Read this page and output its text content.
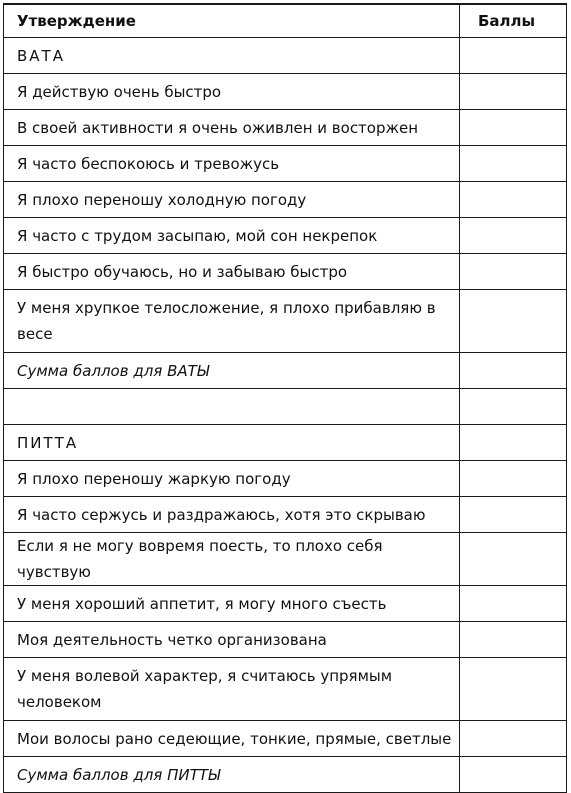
Утверждение	Баллы
ВАТА	
Я действую очень быстро	
В своей активности я очень оживлен и восторжен	
Я часто беспокоюсь и тревожусь	
Я плохо переношу холодную погоду	
Я часто с трудом засыпаю, мой сон некрепок	
Я быстро обучаюсь, но и забываю быстро	
У меня хрупкое телосложение, я плохо прибавляю в весе	
Сумма баллов для ВАТЫ	

ПИТТА	
Я плохо переношу жаркую погоду	
Я часто сержусь и раздражаюсь, хотя это скрываю	
Если я не могу вовремя поесть, то плохо себя чувствую	
У меня хороший аппетит, я могу много съесть	
Моя деятельность четко организована	
У меня волевой характер, я считаюсь упрямым человеком	
Мои волосы рано седеющие, тонкие, прямые, светлые	
Сумма баллов для ПИТТЫ	
